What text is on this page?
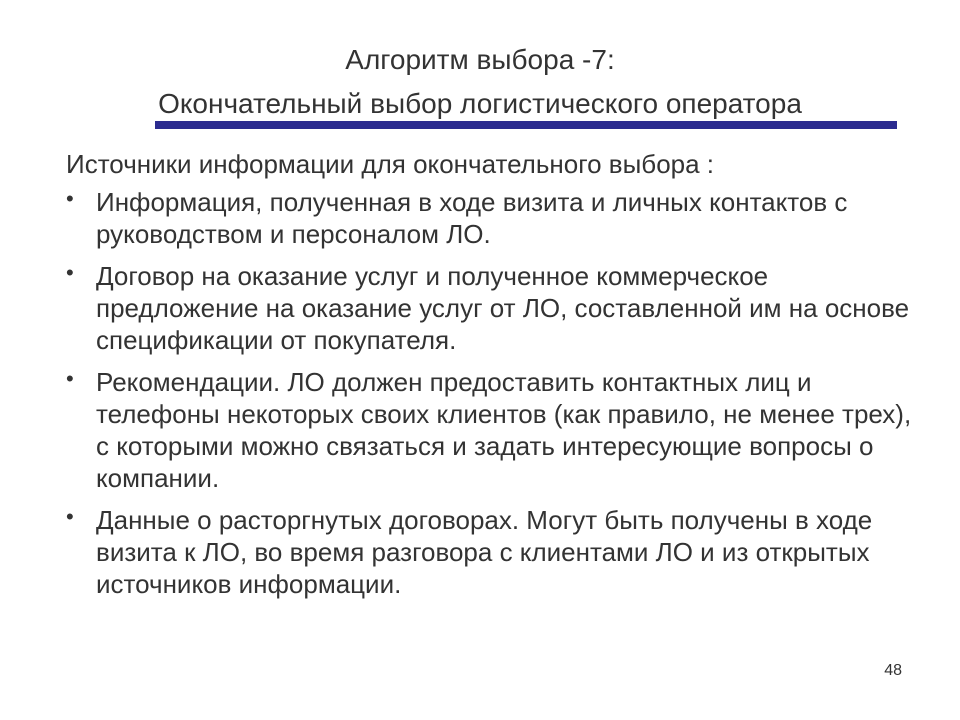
Алгоритм выбора -7:
Окончательный выбор логистического оператора
Источники информации для окончательного выбора :
• Информация, полученная в ходе визита и личных контактов с руководством и персоналом ЛО.
• Договор на оказание услуг и полученное коммерческое предложение на оказание услуг от ЛО, составленной им на основе спецификации от покупателя.
• Рекомендации. ЛО должен предоставить контактных лиц и телефоны некоторых своих клиентов (как правило, не менее трех), с которыми можно связаться и задать интересующие вопросы о компании.
• Данные о расторгнутых договорах. Могут быть получены в ходе визита к ЛО, во время разговора с клиентами ЛО и из открытых источников информации.
48
